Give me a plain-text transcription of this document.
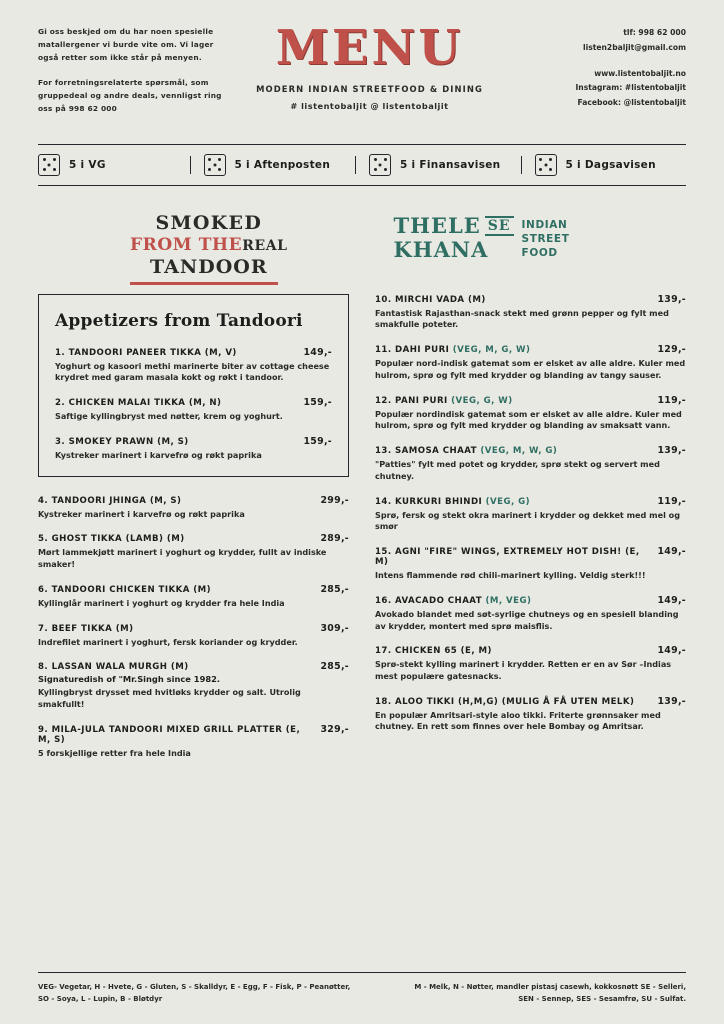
Gi oss beskjed om du har noen spesielle matallergener vi burde vite om. Vi lager også retter som ikke står på menyen.

For forretningsrelaterte spørsmål, som gruppedeal og andre deals, vennligst ring oss på 998 62 000

MENU
MODERN INDIAN STREETFOOD & DINING
# listentobaljit @ listentobaljit
tlf: 998 62 000
listen2baljit@gmail.com
www.listentobaljit.no
Instagram: #listentobaljit
Facebook: @listentobaljit
5 i VG	5 i Aftenposten	5 i Finansavisen	5 i Dagsavisen
SMOKED
FROM THEREAL
TANDOOR
THELE SE
KHANA
INDIAN
STREET
FOOD
Appetizers from Tandoori
1. TANDOORI PANEER TIKKA (M, V)	149,-
Yoghurt og kasoori methi marinerte biter av cottage cheese krydret med garam masala kokt og røkt i tandoor.
2. CHICKEN MALAI TIKKA (M, N)	159,-
Saftige kyllingbryst med nøtter, krem og yoghurt.
3. SMOKEY PRAWN (M, S)	159,-
Kystreker marinert i karvefrø og røkt paprika
4. TANDOORI JHINGA (M, S)	299,-
Kystreker marinert i karvefrø og røkt paprika
5. GHOST TIKKA (LAMB) (M)	289,-
Mørt lammekjøtt marinert i yoghurt og krydder, fullt av indiske smaker!
6. TANDOORI CHICKEN TIKKA (M)	285,-
Kyllinglår marinert i yoghurt og krydder fra hele India
7. BEEF TIKKA (M)	309,-
Indrefilet marinert i yoghurt, fersk koriander og krydder.
8. LASSAN WALA MURGH (M)	285,-
Signaturedish of "Mr.Singh since 1982.
Kyllingbryst drysset med hvitløks krydder og salt. Utrolig smakfullt!
9. MILA-JULA TANDOORI MIXED GRILL PLATTER (E, M, S)
329,-
5 forskjellige retter fra hele India
10. MIRCHI VADA (M)	139,-
Fantastisk Rajasthan-snack stekt med grønn pepper og fylt med smakfulle poteter.
11. DAHI PURI (VEG, M, G, W)	129,-
Populær nord-indisk gatemat som er elsket av alle aldre. Kuler med hulrom, sprø og fylt med krydder og blanding av tangy sauser.
12. PANI PURI (VEG, G, W)	119,-
Populær nordindisk gatemat som er elsket av alle aldre. Kuler med hulrom, sprø og fylt med krydder og blanding av smaksatt vann.
13. SAMOSA CHAAT (VEG, M, W, G)	139,-
"Patties" fylt med potet og krydder, sprø stekt og servert med chutney.
14. KURKURI BHINDI (VEG, G)	119,-
Sprø, fersk og stekt okra marinert i krydder og dekket med mel og smør
15. AGNI "FIRE" WINGS, EXTREMELY HOT DISH! (E, M)
149,-
Intens flammende rød chili-marinert kylling. Veldig sterk!!!
16. AVACADO CHAAT (M, VEG)	149,-
Avokado blandet med søt-syrlige chutneys og en spesiell blanding av krydder, montert med sprø maisflis.
17. CHICKEN 65 (E, M)	149,-
Sprø-stekt kylling marinert i krydder. Retten er en av Sør –Indias mest populære gatesnacks.
18. ALOO TIKKI (H,M,G) (MULIG Å FÅ UTEN MELK) 139,-
En populær Amritsari-style aloo tikki. Friterte grønnsaker med chutney. En rett som finnes over hele Bombay og Amritsar.
VEG- Vegetar, H - Hvete, G - Gluten, S - Skalldyr, E - Egg, F - Fisk, P - Peanøtter,
SO - Soya, L - Lupin, B - Bløtdyr
M - Melk, N - Nøtter, mandler pistasj casewh, kokkosnøtt SE - Selleri,
SEN - Sennep, SES - Sesamfrø, SU - Sulfat.
